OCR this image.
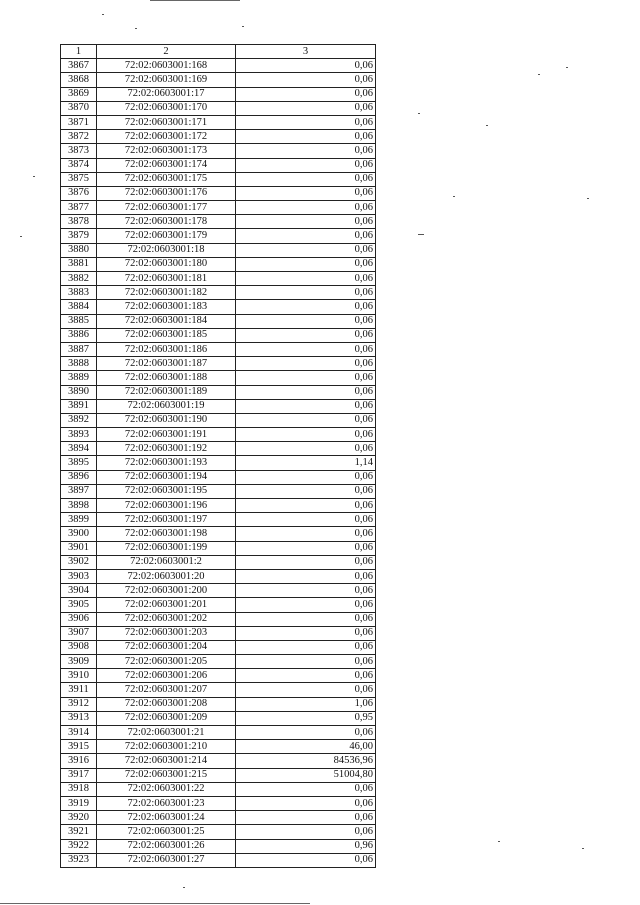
1	2	3
3867	72:02:0603001:168	0,06
3868	72:02:0603001:169	0,06
3869	72:02:0603001:17	0,06
3870	72:02:0603001:170	0,06
3871	72:02:0603001:171	0,06
3872	72:02:0603001:172	0,06
3873	72:02:0603001:173	0,06
3874	72:02:0603001:174	0,06
3875	72:02:0603001:175	0,06
3876	72:02:0603001:176	0,06
3877	72:02:0603001:177	0,06
3878	72:02:0603001:178	0,06
3879	72:02:0603001:179	0,06
3880	72:02:0603001:18	0,06
3881	72:02:0603001:180	0,06
3882	72:02:0603001:181	0,06
3883	72:02:0603001:182	0,06
3884	72:02:0603001:183	0,06
3885	72:02:0603001:184	0,06
3886	72:02:0603001:185	0,06
3887	72:02:0603001:186	0,06
3888	72:02:0603001:187	0,06
3889	72:02:0603001:188	0,06
3890	72:02:0603001:189	0,06
3891	72:02:0603001:19	0,06
3892	72:02:0603001:190	0,06
3893	72:02:0603001:191	0,06
3894	72:02:0603001:192	0,06
3895	72:02:0603001:193	1,14
3896	72:02:0603001:194	0,06
3897	72:02:0603001:195	0,06
3898	72:02:0603001:196	0,06
3899	72:02:0603001:197	0,06
3900	72:02:0603001:198	0,06
3901	72:02:0603001:199	0,06
3902	72:02:0603001:2	0,06
3903	72:02:0603001:20	0,06
3904	72:02:0603001:200	0,06
3905	72:02:0603001:201	0,06
3906	72:02:0603001:202	0,06
3907	72:02:0603001:203	0,06
3908	72:02:0603001:204	0,06
3909	72:02:0603001:205	0,06
3910	72:02:0603001:206	0,06
3911	72:02:0603001:207	0,06
3912	72:02:0603001:208	1,06
3913	72:02:0603001:209	0,95
3914	72:02:0603001:21	0,06
3915	72:02:0603001:210	46,00
3916	72:02:0603001:214	84536,96
3917	72:02:0603001:215	51004,80
3918	72:02:0603001:22	0,06
3919	72:02:0603001:23	0,06
3920	72:02:0603001:24	0,06
3921	72:02:0603001:25	0,06
3922	72:02:0603001:26	0,96
3923	72:02:0603001:27	0,06
